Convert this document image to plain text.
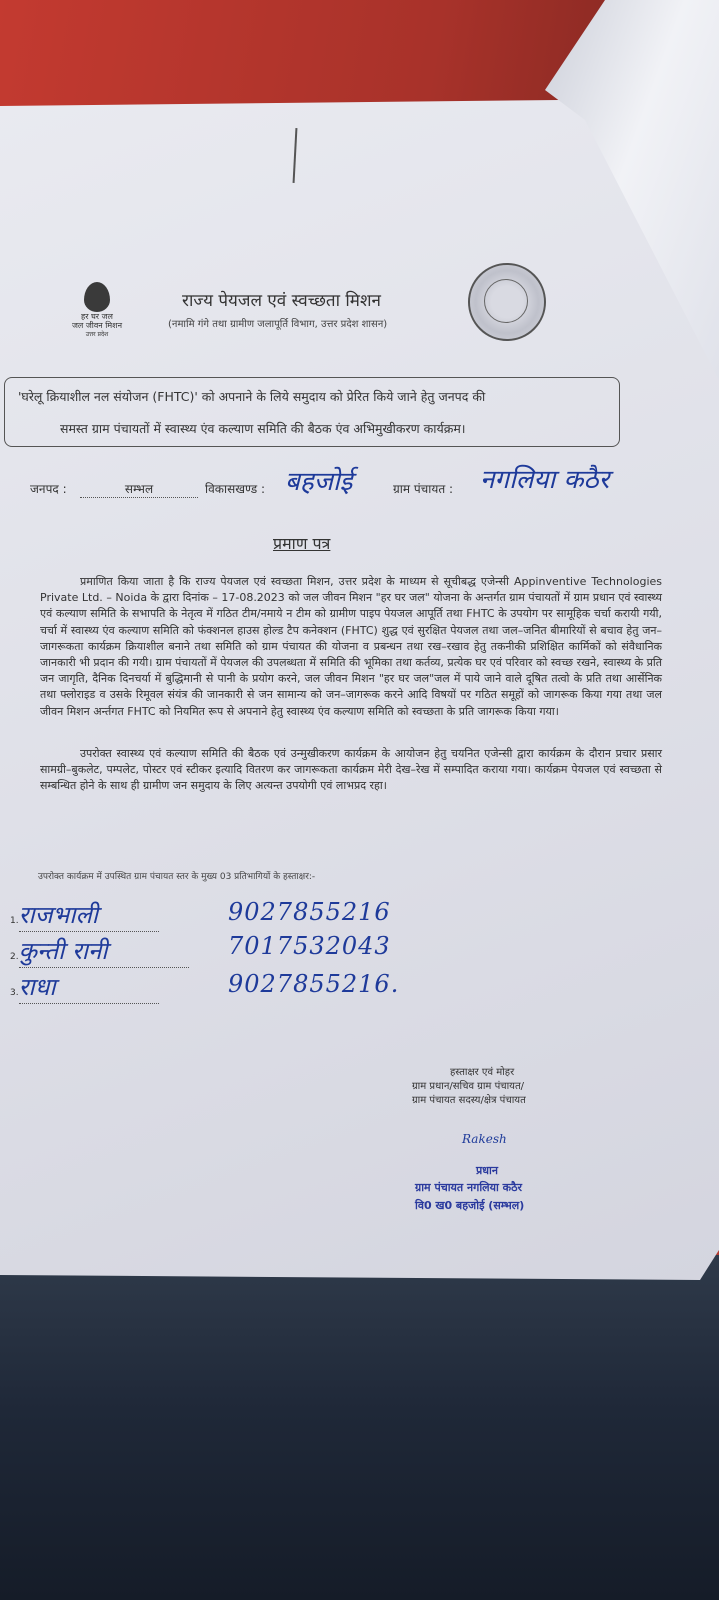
हर घर जल
जल जीवन मिशन
उत्तर प्रदेश
राज्य पेयजल एवं स्वच्छता मिशन
(नमामि गंगे तथा ग्रामीण जलापूर्ति विभाग, उत्तर प्रदेश शासन)
'घरेलू क्रियाशील नल संयोजन (FHTC)' को अपनाने के लिये समुदाय को प्रेरित किये जाने हेतु जनपद की
समस्त ग्राम पंचायतों में स्वास्थ्य एंव कल्याण समिति की बैठक एंव अभिमुखीकरण कार्यक्रम।
जनपद :	सम्भल	विकासखण्ड : बहजोई	ग्राम पंचायत : नगलिया कठैर
प्रमाण पत्र
प्रमाणित किया जाता है कि राज्य पेयजल एवं स्वच्छता मिशन, उत्तर प्रदेश के माध्यम से सूचीबद्ध एजेन्सी Appinventive Technologies Private Ltd. – Noida के द्वारा दिनांक – 17-08.2023 को जल जीवन मिशन "हर घर जल" योजना के अन्तर्गत ग्राम पंचायतों में ग्राम प्रधान एवं स्वास्थ्य एवं कल्याण समिति के सभापति के नेतृत्व में गठित टीम/नमाये न टीम को ग्रामीण पाइप पेयजल आपूर्ति तथा FHTC के उपयोग पर सामूहिक चर्चा करायी गयी, चर्चा में स्वास्थ्य एंव कल्याण समिति को फंक्शनल हाउस होल्ड टैप कनेक्शन (FHTC) शुद्ध एवं सुरक्षित पेयजल तथा जल–जनित बीमारियों से बचाव हेतु जन–जागरूकता कार्यक्रम क्रियाशील बनाने तथा समिति को ग्राम पंचायत की योजना व प्रबन्धन तथा रख–रखाव हेतु तकनीकी प्रशिक्षित कार्मिकों को संवैधानिक जानकारी भी प्रदान की गयी। ग्राम पंचायतों में पेयजल की उपलब्धता में समिति की भूमिका तथा कर्तव्य, प्रत्येक घर एवं परिवार को स्वच्छ रखने, स्वास्थ्य के प्रति जन जागृति, दैनिक दिनचर्या में बुद्धिमानी से पानी के प्रयोग करने, जल जीवन मिशन "हर घर जल"जल में पाये जाने वाले दूषित तत्वो के प्रति तथा आर्सेनिक तथा फ्लोराइड व उसके रिमूवल संयंत्र की जानकारी से जन सामान्य को जन–जागरूक करने आदि विषयों पर गठित समूहों को जागरूक किया गया तथा जल जीवन मिशन अर्न्तगत FHTC को नियमित रूप से अपनाने हेतु स्वास्थ्य एंव कल्याण समिति को स्वच्छता के प्रति जागरूक किया गया।
उपरोक्त स्वास्थ्य एवं कल्याण समिति की बैठक एवं उन्मुखीकरण कार्यक्रम के आयोजन हेतु चयनित एजेन्सी द्वारा कार्यक्रम के दौरान प्रचार प्रसार सामग्री–बुकलेट, पम्पलेट, पोस्टर एवं स्टीकर इत्यादि वितरण कर जागरूकता कार्यक्रम मेरी देख–रेख में सम्पादित कराया गया। कार्यक्रम पेयजल एवं स्वच्छता से सम्बन्धित होने के साथ ही ग्रामीण जन समुदाय के लिए अत्यन्त उपयोगी एवं लाभप्रद रहा।
उपरोक्त कार्यक्रम में उपस्थित ग्राम पंचायत स्तर के मुख्य 03 प्रतिभागियों के हस्ताक्षर:-
1.राजभाली	9027855216
2.कुन्ती रानी	7017532043
3.राधा	9027855216.
हस्ताक्षर एवं मोहर
ग्राम प्रधान/सचिव ग्राम पंचायत/
ग्राम पंचायत सदस्य/क्षेत्र पंचायत
Rakesh
प्रधान
ग्राम पंचायत नगलिया कठैर
वि0 ख0 बहजोई (सम्भल)
